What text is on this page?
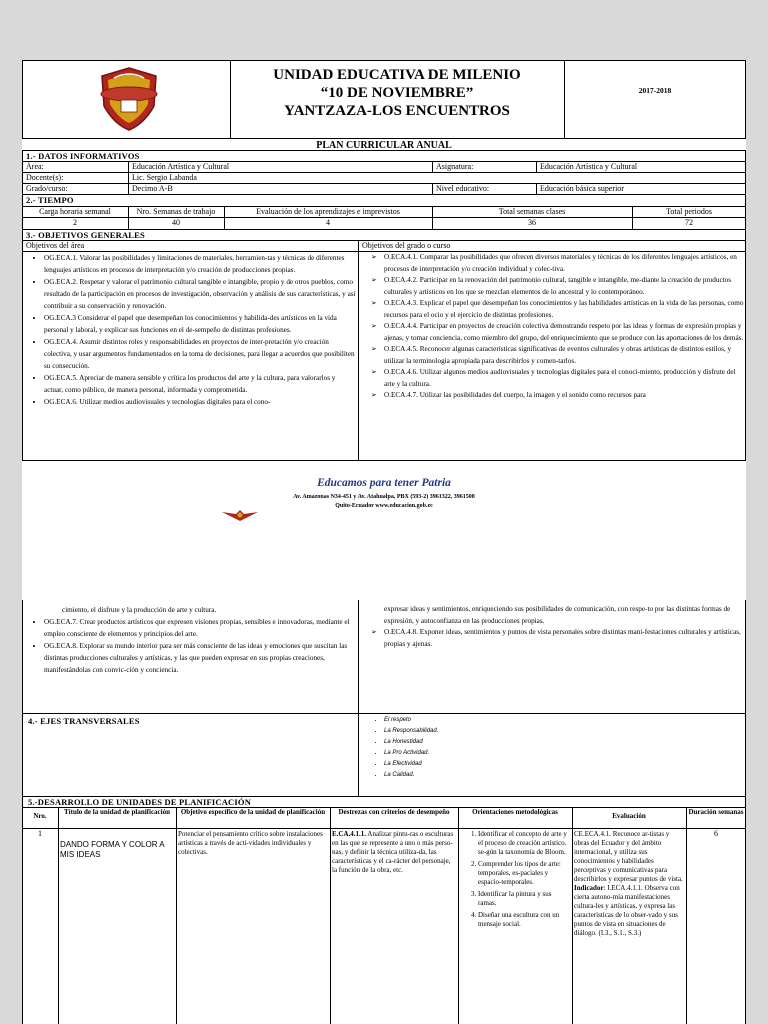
UNIDAD EDUCATIVA DE MILENIO
“10 DE NOVIEMBRE”
YANTZAZA-LOS ENCUENTROS
2017-2018
PLAN CURRICULAR ANUAL
1.- DATOS INFORMATIVOS
Área:	Educación Artística y Cultural	Asignatura:	Educación Artística y Cultural
Docente(s):	Lic. Sergio Labanda
Grado/curso:	Decimo A-B	Nivel educativo:	Educación básica superior
2.- TIEMPO
Carga horaria semanal	Nro. Semanas de trabajo	Evaluación de los aprendizajes e imprevistos	Total semanas clases	Total periodos
2	40	4	36	72
3.- OBJETIVOS GENERALES
Objetivos del área	Objetivos del grado o curso
• OG.ECA.1. Valorar las posibilidades y limitaciones de materiales, herramien-tas y técnicas de diferentes lenguajes artísticos en procesos de interpretación y/o creación de producciones propias.
• OG.ECA.2. Respetar y valorar el patrimonio cultural tangible e intangible, propio y de otros pueblos, como resultado de la participación en procesos de investigación, observación y análisis de sus características, y así contribuir a su conservación y renovación.
• OG.ECA.3 Considerar el papel que desempeñan los conocimientos y habilida-des artísticos en la vida personal y laboral, y explicar sus funciones en el de-sempeño de distintas profesiones.
• OG.ECA.4. Asumir distintos roles y responsabilidades en proyectos de inter-pretación y/o creación colectiva, y usar argumentos fundamentados en la toma de decisiones, para llegar a acuerdos que posibiliten su consecución.
• OG.ECA.5. Apreciar de manera sensible y crítica los productos del arte y la cultura, para valorarlos y actuar, como público, de manera personal, informada y comprometida.
• OG.ECA.6. Utilizar medios audiovisuales y tecnologías digitales para el cono-
➢ O.ECA.4.1. Comparar las posibilidades que ofrecen diversos materiales y técnicas de los diferentes lenguajes artísticos, en procesos de interpretación y/o creación individual y colec-tiva.
➢ O.ECA.4.2. Participar en la renovación del patrimonio cultural, tangible e intangible, me-diante la creación de productos culturales y artísticos en los que se mezclan elementos de lo ancestral y lo contemporáneo.
➢ O.ECA.4.3. Explicar el papel que desempeñan los conocimientos y las habilidades artísticas en la vida de las personas, como recursos para el ocio y el ejercicio de distintas profesiones.
➢ O.ECA.4.4. Participar en proyectos de creación colectiva demostrando respeto por las ideas y formas de expresión propias y ajenas, y tomar conciencia, como miembro del grupo, del enriquecimiento que se produce con las aportaciones de los demás.
➢ O.ECA.4.5. Reconocer algunas características significativas de eventos culturales y obras artísticas de distintos estilos, y utilizar la terminología apropiada para describirlos y comen-tarlos.
➢ O.ECA.4.6. Utilizar algunos medios audiovisuales y tecnologías digitales para el conoci-miento, producción y disfrute del arte y la cultura.
➢ O.ECA.4.7. Utilizar las posibilidades del cuerpo, la imagen y el sonido como recursos para
Educamos para tener Patria
Av. Amazonas N34-451 y Av. Atahualpa, PBX (593-2) 3961322, 3961508
Quito-Ecuador www.educacion.gob.ec
cimiento, el disfrute y la producción de arte y cultura.
• OG.ECA.7. Crear productos artísticos que expresen visiones propias, sensibles e innovadoras, mediante el empleo consciente de elementos y principios del arte.
• OG.ECA.8. Explorar su mundo interior para ser más consciente de las ideas y emociones que suscitan las distintas producciones culturales y artísticas, y las que pueden expresar en sus propias creaciones, manifestándolas con convic-ción y conciencia.
expresar ideas y sentimientos, enriqueciendo sus posibilidades de comunicación, con respe-to por las distintas formas de expresión, y autoconfianza en las producciones propias.
➢ O.ECA.4.8. Exponer ideas, sentimientos y puntos de vista personales sobre distintas mani-festaciones culturales y artísticas, propias y ajenas.
4.- EJES TRANSVERSALES
•	El respeto
• La Responsabilidad.
• La Honestidad
• La Pro Actividad.
• La Efectividad
• La Calidad.
5.-DESARROLLO DE UNIDADES DE PLANIFICACIÓN
Nro.	Título de la unidad de planificación	Objetivo específico de la unidad de planificación	Destrezas con criterios de desempeño	Orientaciones metodológicas	Evaluación	Duración semanas
1
DANDO FORMA Y COLOR A MIS IDEAS
Potenciar el pensamiento crítico sobre instalaciones artísticas a través de acti-vidades individuales y colectivas.
E.CA.4.1.1. Analizar pintu-ras o esculturas en las que se represente a uno o más perso-nas, y definir la técnica utiliza-da, las características y el ca-rácter del personaje, la función de la obra, etc.
1. Identificar el concepto de arte y el proceso de creación artístico. se-gún la taxonomía de Bloom.
2. Comprender los tipos de arte: temporales, es-paciales y espacio-temporales.
3. Identificar la pintura y sus ramas.
4. Diseñar una escultura con un mensaje social.
CE.ECA.4.1. Reconoce ar-tistas y obras del Ecuador y del ámbito internacional, y utiliza sus conocimientos y habilidades perceptivas y comunicativas para describirlos y expresar puntos de vista. Indicador: I.ECA.4.1.1. Observa con cierta autono-mía manifestaciones cultura-les y artísticas, y expresa las características de lo obser-vado y sus puntos de vista en situaciones de diálogo. (I.3., S.1., S.3.)
6
